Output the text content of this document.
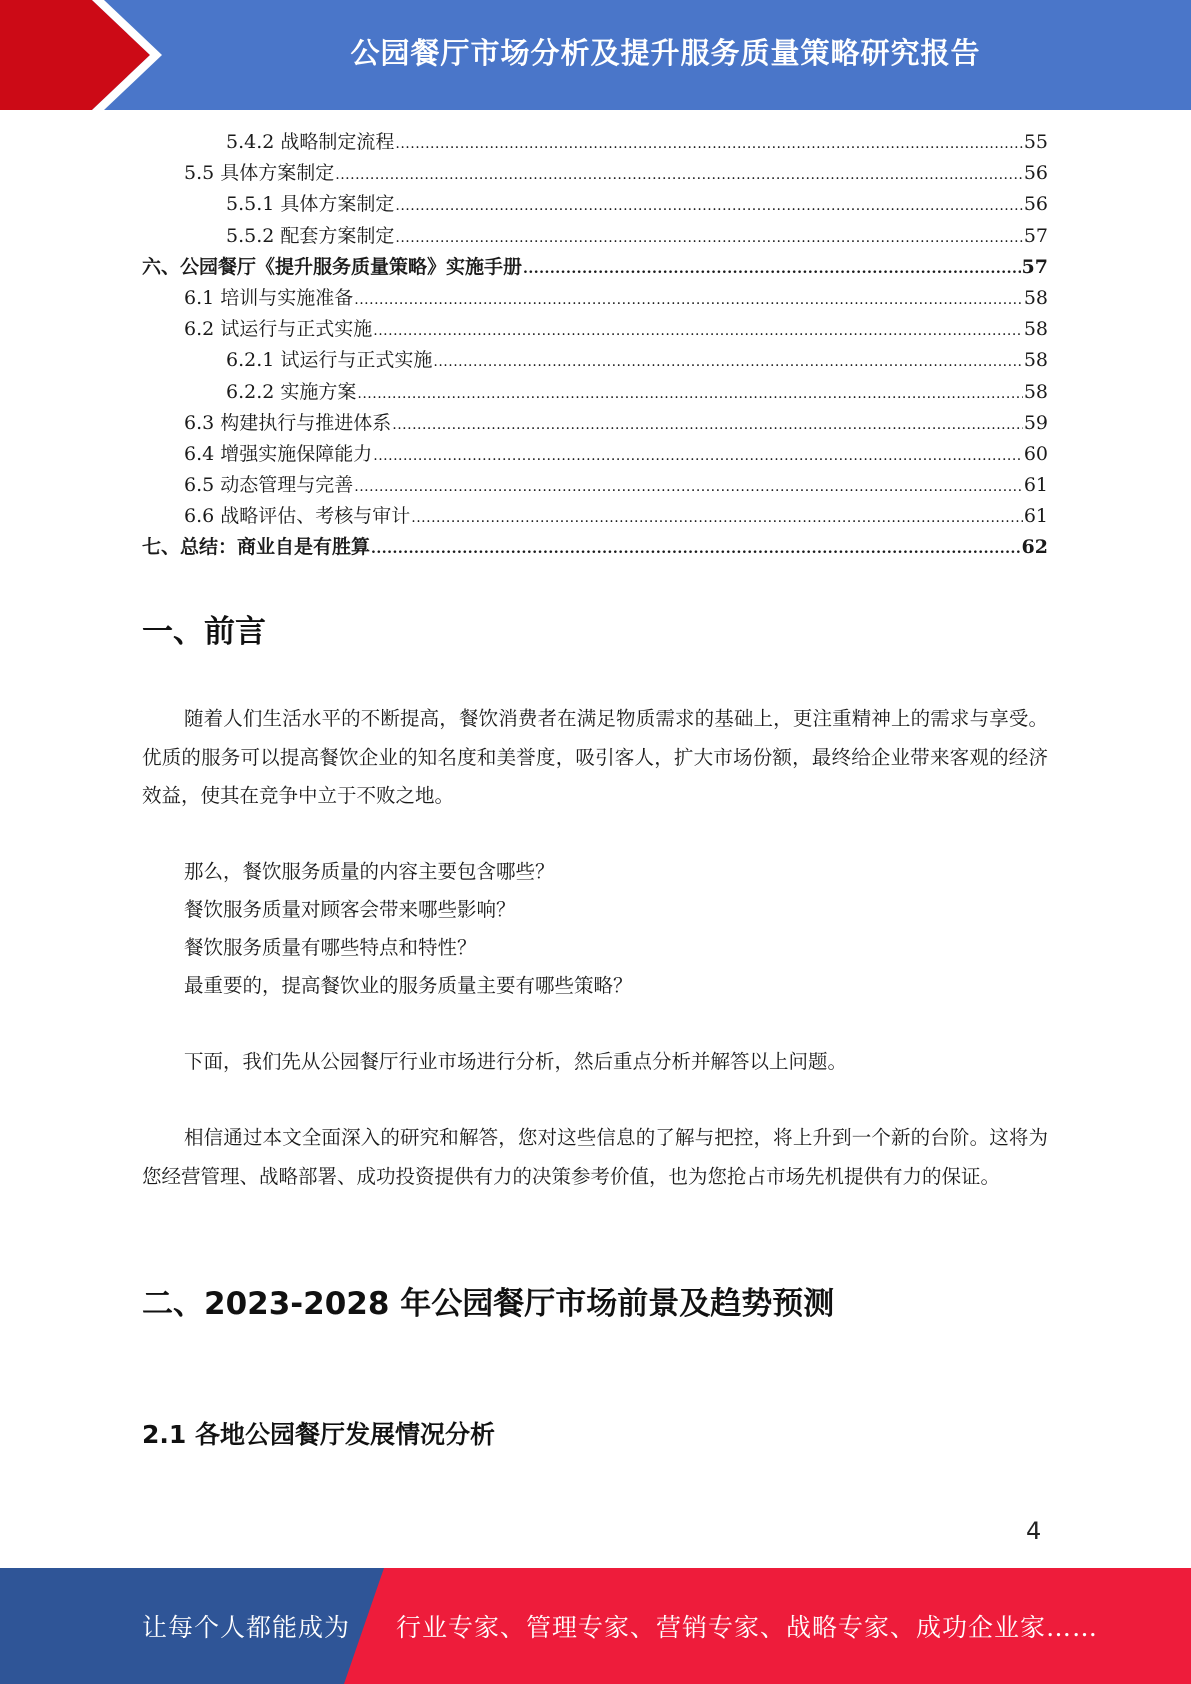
公园餐厅市场分析及提升服务质量策略研究报告
5.4.2 战略制定流程 .....	55
5.5 具体方案制定 .....	56
5.5.1 具体方案制定 .....	56
5.5.2 配套方案制定 .....	57
六、公园餐厅《提升服务质量策略》实施手册 .....	57
6.1 培训与实施准备 .....	58
6.2 试运行与正式实施 .....	58
6.2.1 试运行与正式实施 .....	58
6.2.2 实施方案 .....	58
6.3 构建执行与推进体系 .....	59
6.4 增强实施保障能力 .....	60
6.5 动态管理与完善 .....	61
6.6 战略评估、考核与审计 .....	61
七、总结：商业自是有胜算 .....	62
一、前言

随着人们生活水平的不断提高，餐饮消费者在满足物质需求的基础上，更注重精神上的需求与享受。优质的服务可以提高餐饮企业的知名度和美誉度，吸引客人，扩大市场份额，最终给企业带来客观的经济效益，使其在竞争中立于不败之地。

那么，餐饮服务质量的内容主要包含哪些？
餐饮服务质量对顾客会带来哪些影响？
餐饮服务质量有哪些特点和特性？
最重要的，提高餐饮业的服务质量主要有哪些策略？

下面，我们先从公园餐厅行业市场进行分析，然后重点分析并解答以上问题。

相信通过本文全面深入的研究和解答，您对这些信息的了解与把控，将上升到一个新的台阶。这将为您经营管理、战略部署、成功投资提供有力的决策参考价值，也为您抢占市场先机提供有力的保证。

二、2023-2028 年公园餐厅市场前景及趋势预测
2.1 各地公园餐厅发展情况分析
4
让每个人都能成为 行业专家、管理专家、营销专家、战略专家、成功企业家……
